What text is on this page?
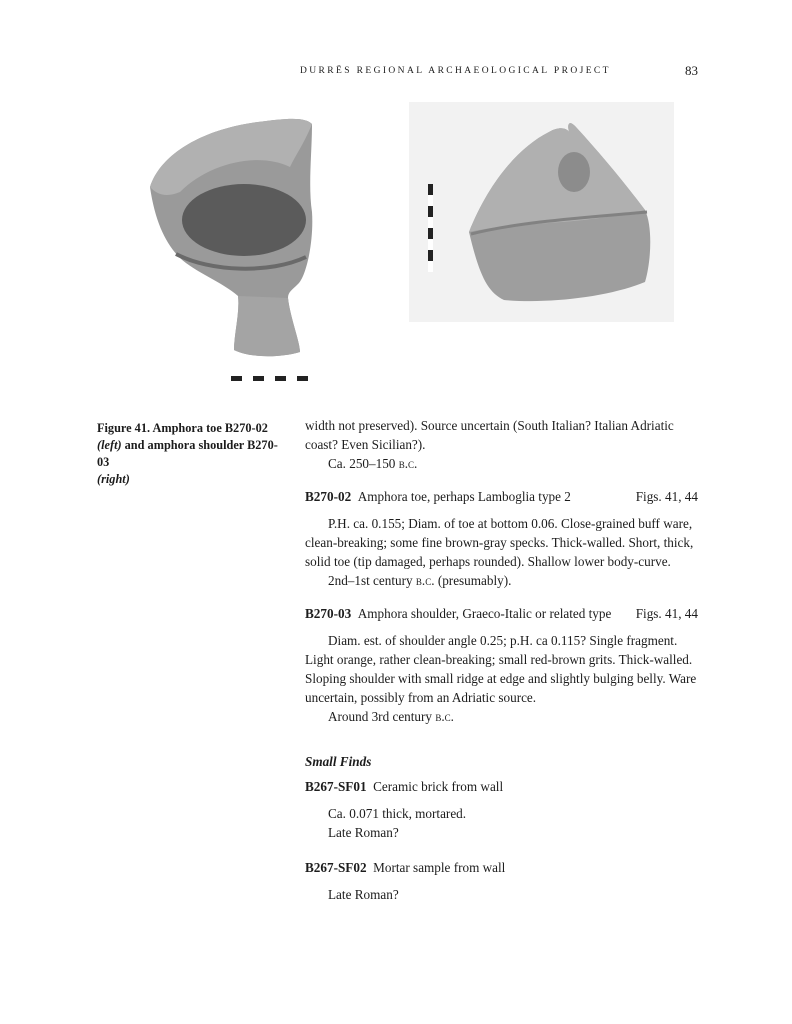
DURRËS REGIONAL ARCHAEOLOGICAL PROJECT	83
Figure 41. Amphora toe B270-02
(left) and amphora shoulder B270-03
(right)

width not preserved). Source uncertain (South Italian? Italian Adriatic coast? Even Sicilian?).

Ca. 250–150 b.c.

B270-02 Amphora toe, perhaps Lamboglia type 2	Figs. 41, 44

P.H. ca. 0.155; Diam. of toe at bottom 0.06. Close-grained buff ware, clean-breaking; some fine brown-gray specks. Thick-walled. Short, thick, solid toe (tip damaged, perhaps rounded). Shallow lower body-curve.

2nd–1st century b.c. (presumably).

B270-03 Amphora shoulder, Graeco-Italic or related type Figs. 41, 44

Diam. est. of shoulder angle 0.25; p.H. ca 0.115? Single fragment. Light orange, rather clean-breaking; small red-brown grits. Thick-walled. Sloping shoulder with small ridge at edge and slightly bulging belly. Ware uncertain, possibly from an Adriatic source.

Around 3rd century b.c.

Small Finds

B267-SF01 Ceramic brick from wall

Ca. 0.071 thick, mortared.

Late Roman?

B267-SF02 Mortar sample from wall

Late Roman?
